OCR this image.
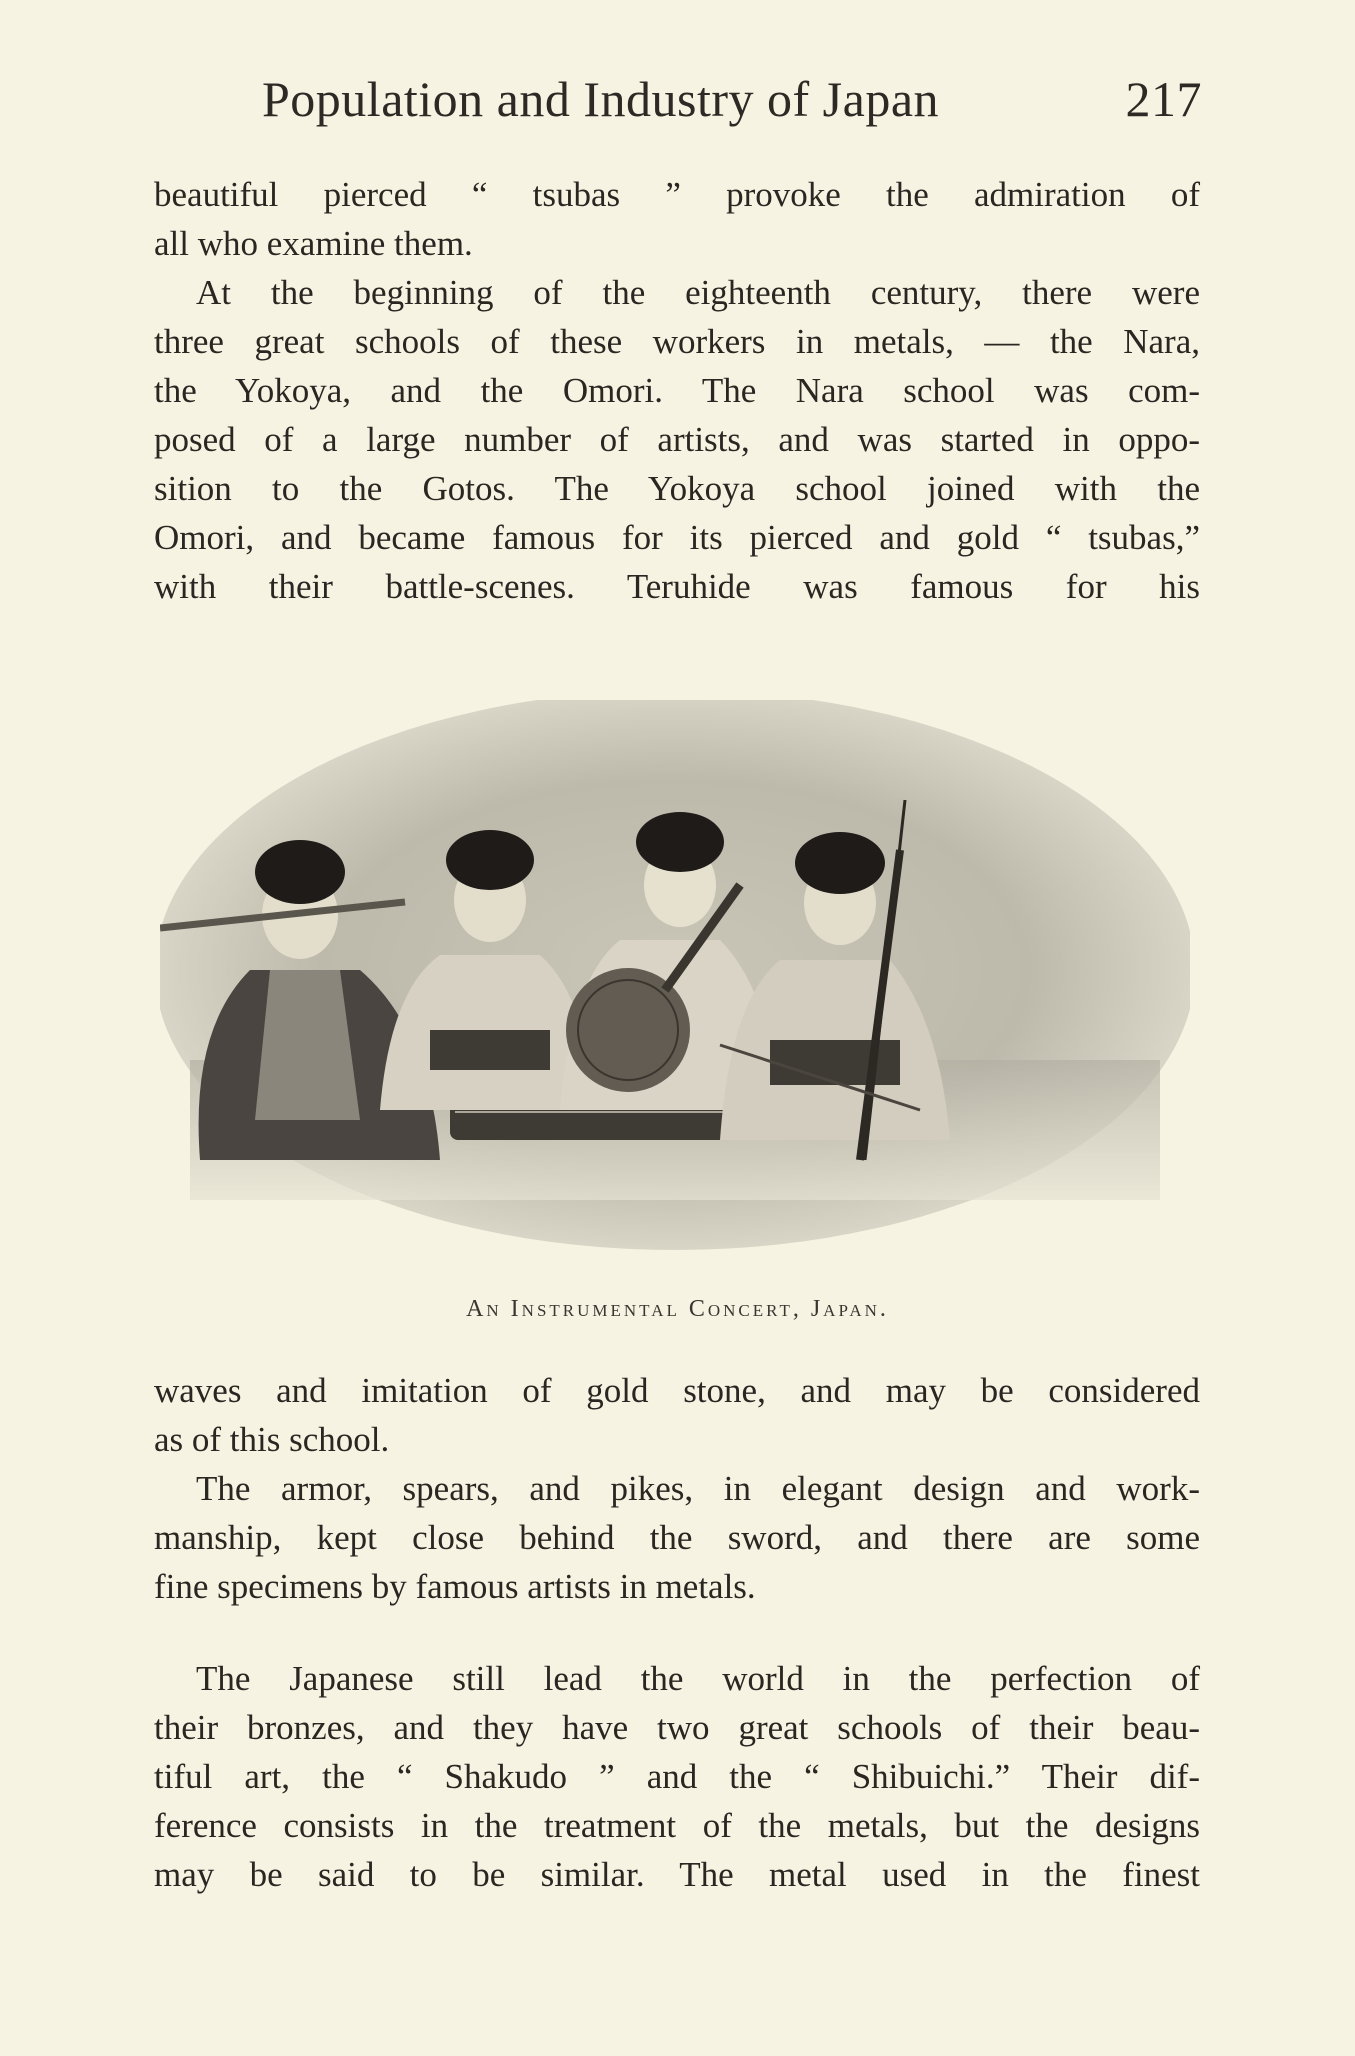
Population and Industry of Japan	217
beautiful pierced “ tsubas ” provoke the admiration of
all who examine them.
At the beginning of the eighteenth century, there were
three great schools of these workers in metals, — the Nara,
the Yokoya, and the Omori. The Nara school was com-
posed of a large number of artists, and was started in oppo-
sition to the Gotos. The Yokoya school joined with the
Omori, and became famous for its pierced and gold “ tsubas,”
with their battle-scenes. Teruhide was famous for his
An Instrumental Concert, Japan.
waves and imitation of gold stone, and may be considered
as of this school.
The armor, spears, and pikes, in elegant design and work-
manship, kept close behind the sword, and there are some
fine specimens by famous artists in metals.
The Japanese still lead the world in the perfection of
their bronzes, and they have two great schools of their beau-
tiful art, the “ Shakudo ” and the “ Shibuichi.” Their dif-
ference consists in the treatment of the metals, but the designs
may be said to be similar. The metal used in the finest
